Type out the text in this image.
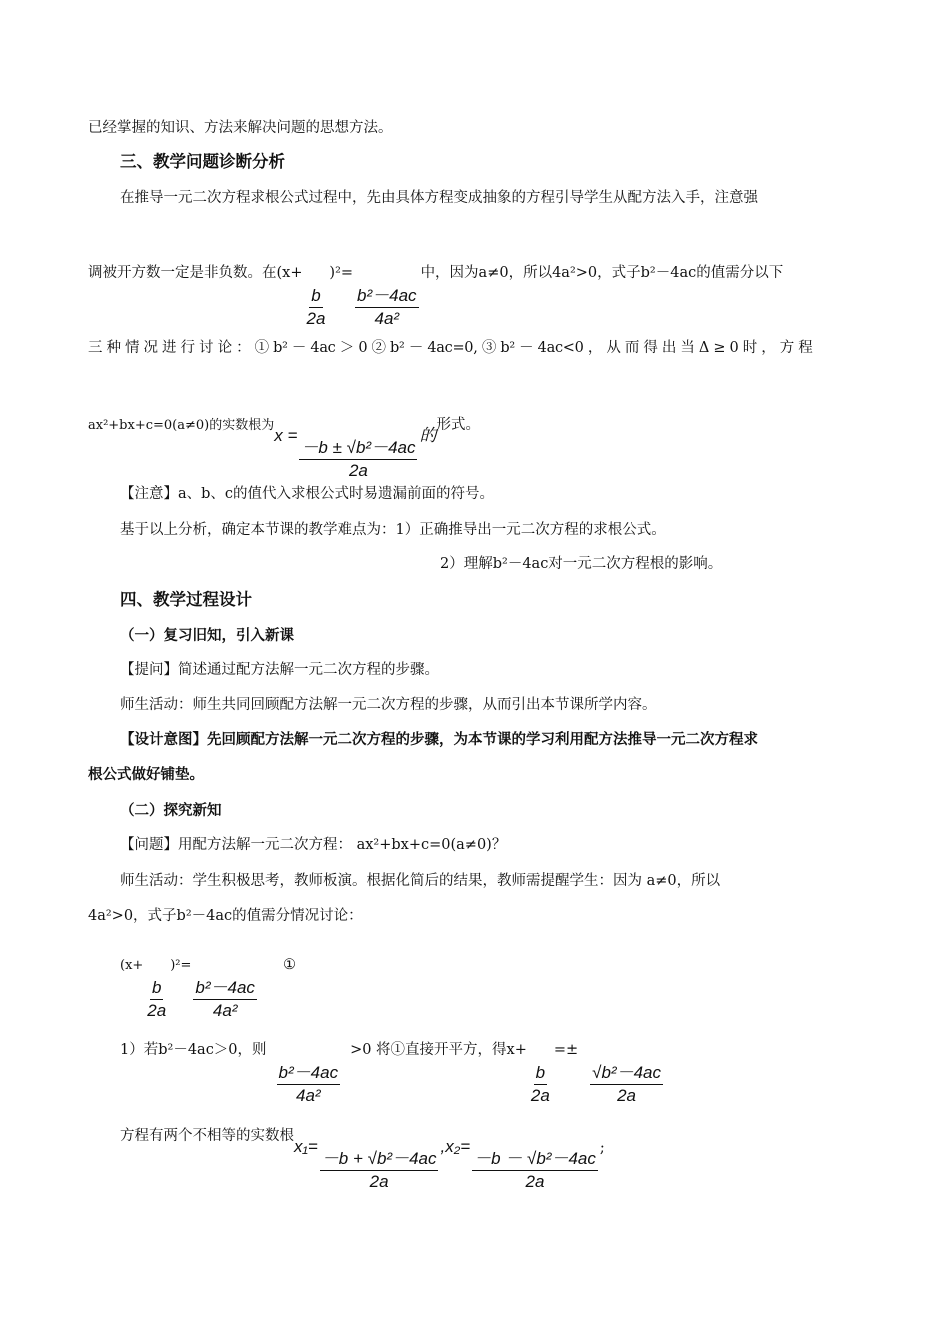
已经掌握的知识、方法来解决问题的思想方法。
三、教学问题诊断分析
在推导一元二次方程求根公式过程中，先由具体方程变成抽象的方程引导学生从配方法入手，注意强
调被开方数一定是非负数。在(x+
$\frac{b}{2a}$
)²=
$\frac{\text{b²－4ac}}{\text{4a²}}$
中，因为a≠0，所以4a²>0，式子b²－4ac的值需分以下
三 种 情 况 进 行 讨 论 ： ① b² － 4ac ＞ 0 ② b² － 4ac=0, ③ b² － 4ac<0 ， 从 而 得 出 当 Δ ≥ 0 时 ， 方 程
ax²+bx+c=0(a≠0)的实数根为x =
$\frac{\text{－b ± √b²－4ac}}{2a}$
的形式。
【注意】a、b、c的值代入求根公式时易遗漏前面的符号。
基于以上分析，确定本节课的教学难点为：1）正确推导出一元二次方程的求根公式。
2）理解b²－4ac对一元二次方程根的影响。
四、教学过程设计
（一）复习旧知，引入新课
【提问】简述通过配方法解一元二次方程的步骤。
师生活动：师生共同回顾配方法解一元二次方程的步骤，从而引出本节课所学内容。
【设计意图】先回顾配方法解一元二次方程的步骤，为本节课的学习利用配方法推导一元二次方程求
根公式做好铺垫。
（二）探究新知
【问题】用配方法解一元二次方程： ax²+bx+c=0(a≠0)？
师生活动：学生积极思考，教师板演。根据化简后的结果，教师需提醒学生：因为 a≠0，所以
4a²>0，式子b²－4ac的值需分情况讨论：
(x+
$\frac{b}{2a}$
)²=
$\frac{\text{b²－4ac}}{\text{4a²}}$
①
1）若b²－4ac＞0，则
$\frac{\text{b²－4ac}}{\text{4a²}}$
>0 将①直接开平方，得x+
$\frac{b}{2a}$
=±
$\frac{\text{√b²－4ac}}{2a}$
方程有两个不相等的实数根x₁=
$\frac{\text{－b + √b²－4ac}}{2a}$
,x₂=
$\frac{\text{－b － √b²－4ac}}{2a}$ ;
